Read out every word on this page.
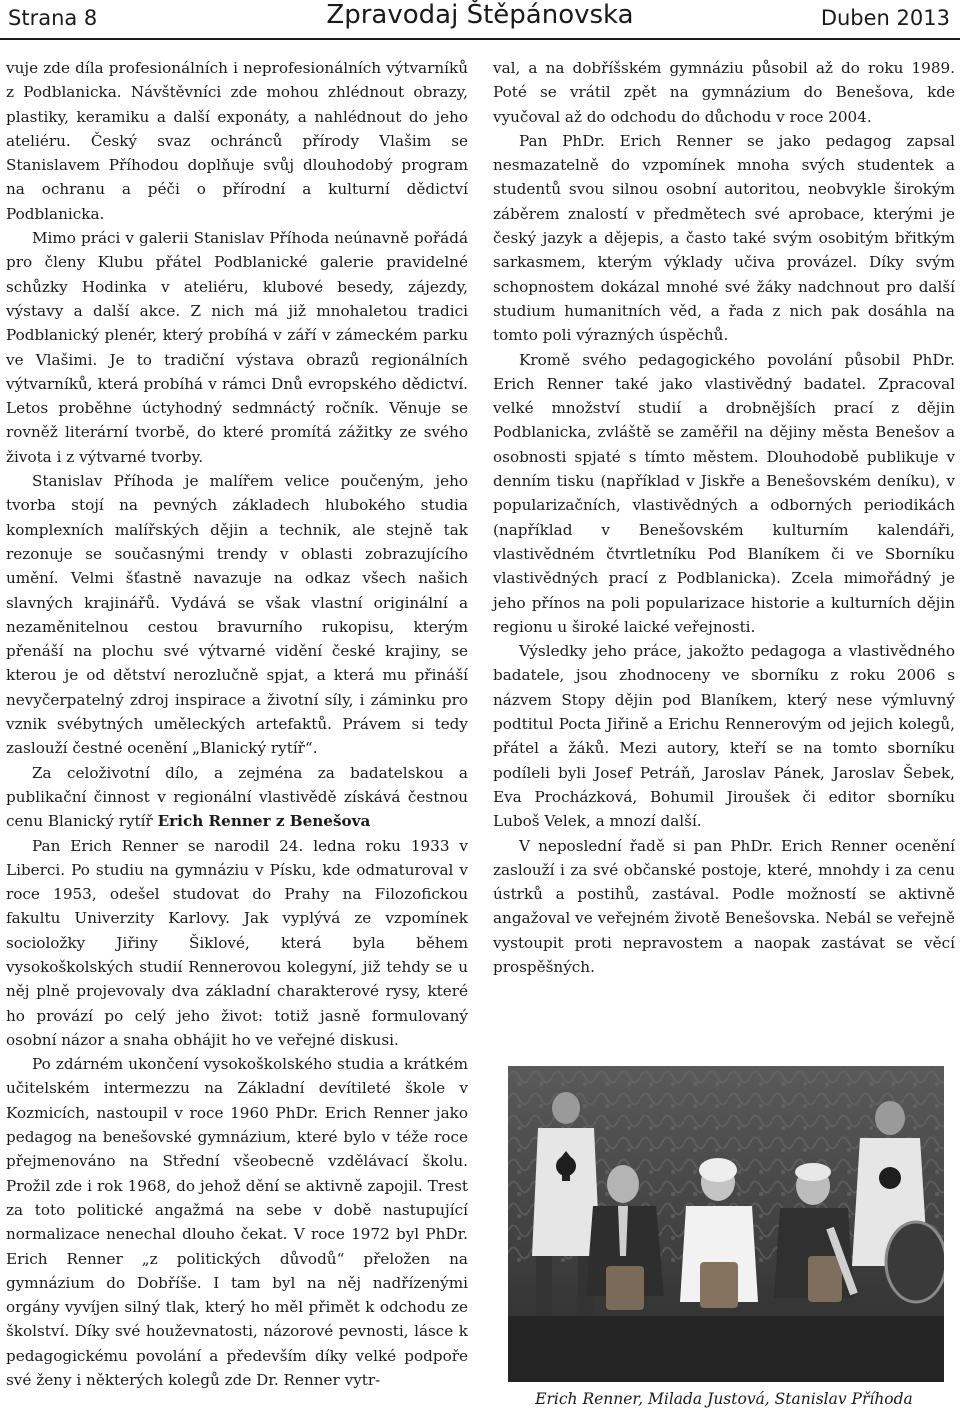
Strana 8	Zpravodaj Štěpánovska	Duben 2013

vuje zde díla profesionálních i neprofesionálních výtvarníků z Podblanicka. Návštěvníci zde mohou zhlédnout obrazy, plastiky, keramiku a další exponáty, a nahlédnout do jeho ateliéru. Český svaz ochránců přírody Vlašim se Stanislavem Příhodou doplňuje svůj dlouhodobý program na ochranu a péči o přírodní a kulturní dědictví Podblanicka.

Mimo práci v galerii Stanislav Příhoda neúnavně pořádá pro členy Klubu přátel Podblanické galerie pravidelné schůzky Hodinka v ateliéru, klubové besedy, zájezdy, výstavy a další akce. Z nich má již mnohaletou tradici Podblanický plenér, který probíhá v září v zámeckém parku ve Vlašimi. Je to tradiční výstava obrazů regionálních výtvarníků, která probíhá v rámci Dnů evropského dědictví. Letos proběhne úctyhodný sedmnáctý ročník. Věnuje se rovněž literární tvorbě, do které promítá zážitky ze svého života i z výtvarné tvorby.

Stanislav Příhoda je malířem velice poučeným, jeho tvorba stojí na pevných základech hlubokého studia komplexních malířských dějin a technik, ale stejně tak rezonuje se současnými trendy v oblasti zobrazujícího umění. Velmi šťastně navazuje na odkaz všech našich slavných krajinářů. Vydává se však vlastní originální a nezaměnitelnou cestou bravurního rukopisu, kterým přenáší na plochu své výtvarné vidění české krajiny, se kterou je od dětství nerozlučně spjat, a která mu přináší nevyčerpatelný zdroj inspirace a životní síly, i záminku pro vznik svébytných uměleckých artefaktů. Právem si tedy zaslouží čestné ocenění „Blanický rytíř“.

Za celoživotní dílo, a zejména za badatelskou a publikační činnost v regionální vlastivědě získává čestnou cenu Blanický rytíř Erich Renner z Benešova

Pan Erich Renner se narodil 24. ledna roku 1933 v Liberci. Po studiu na gymnáziu v Písku, kde odmaturoval v roce 1953, odešel studovat do Prahy na Filozofickou fakultu Univerzity Karlovy. Jak vyplývá ze vzpomínek socioložky Jiřiny Šiklové, která byla během vysokoškolských studií Rennerovou kolegyní, již tehdy se u něj plně projevovaly dva základní charakterové rysy, které ho provází po celý jeho život: totiž jasně formulovaný osobní názor a snaha obhájit ho ve veřejné diskusi.

Po zdárném ukončení vysokoškolského studia a krátkém učitelském intermezzu na Základní devítileté škole v Kozmicích, nastoupil v roce 1960 PhDr. Erich Renner jako pedagog na benešovské gymnázium, které bylo v téže roce přejmenováno na Střední všeobecně vzdělávací školu. Prožil zde i rok 1968, do jehož dění se aktivně zapojil. Trest za toto politické angažmá na sebe v době nastupující normalizace nenechal dlouho čekat. V roce 1972 byl PhDr. Erich Renner „z politických důvodů“ přeložen na gymnázium do Dobříše. I tam byl na něj nadřízenými orgány vyvíjen silný tlak, který ho měl přimět k odchodu ze školství. Díky své houževnatosti, názorové pevnosti, lásce k pedagogickému povolání a především díky velké podpoře své ženy i některých kolegů zde Dr. Renner vytr-

val, a na dobříšském gymnáziu působil až do roku 1989. Poté se vrátil zpět na gymnázium do Benešova, kde vyučoval až do odchodu do důchodu v roce 2004.

Pan PhDr. Erich Renner se jako pedagog zapsal nesmazatelně do vzpomínek mnoha svých studentek a studentů svou silnou osobní autoritou, neobvykle širokým záběrem znalostí v předmětech své aprobace, kterými je český jazyk a dějepis, a často také svým osobitým břitkým sarkasmem, kterým výklady učiva provázel. Díky svým schopnostem dokázal mnohé své žáky nadchnout pro další studium humanitních věd, a řada z nich pak dosáhla na tomto poli výrazných úspěchů.

Kromě svého pedagogického povolání působil PhDr. Erich Renner také jako vlastivědný badatel. Zpracoval velké množství studií a drobnějších prací z dějin Podblanicka, zvláště se zaměřil na dějiny města Benešov a osobnosti spjaté s tímto městem. Dlouhodobě publikuje v denním tisku (například v Jiskře a Benešovském deníku), v popularizačních, vlastivědných a odborných periodikách (například v Benešovském kulturním kalendáři, vlastivědném čtvrtletníku Pod Blaníkem či ve Sborníku vlastivědných prací z Podblanicka). Zcela mimořádný je jeho přínos na poli popularizace historie a kulturních dějin regionu u široké laické veřejnosti.

Výsledky jeho práce, jakožto pedagoga a vlastivědného badatele, jsou zhodnoceny ve sborníku z roku 2006 s názvem Stopy dějin pod Blaníkem, který nese výmluvný podtitul Pocta Jiřině a Erichu Rennerovým od jejich kolegů, přátel a žáků. Mezi autory, kteří se na tomto sborníku podíleli byli Josef Petráň, Jaroslav Pánek, Jaroslav Šebek, Eva Procházková, Bohumil Jiroušek či editor sborníku Luboš Velek, a mnozí další.

V neposlední řadě si pan PhDr. Erich Renner ocenění zaslouží i za své občanské postoje, které, mnohdy i za cenu ústrků a postihů, zastával. Podle možností se aktivně angažoval ve veřejném životě Benešovska. Nebál se veřejně vystoupit proti nepravostem a naopak zastávat se věcí prospěšných.

Erich Renner, Milada Justová, Stanislav Příhoda
